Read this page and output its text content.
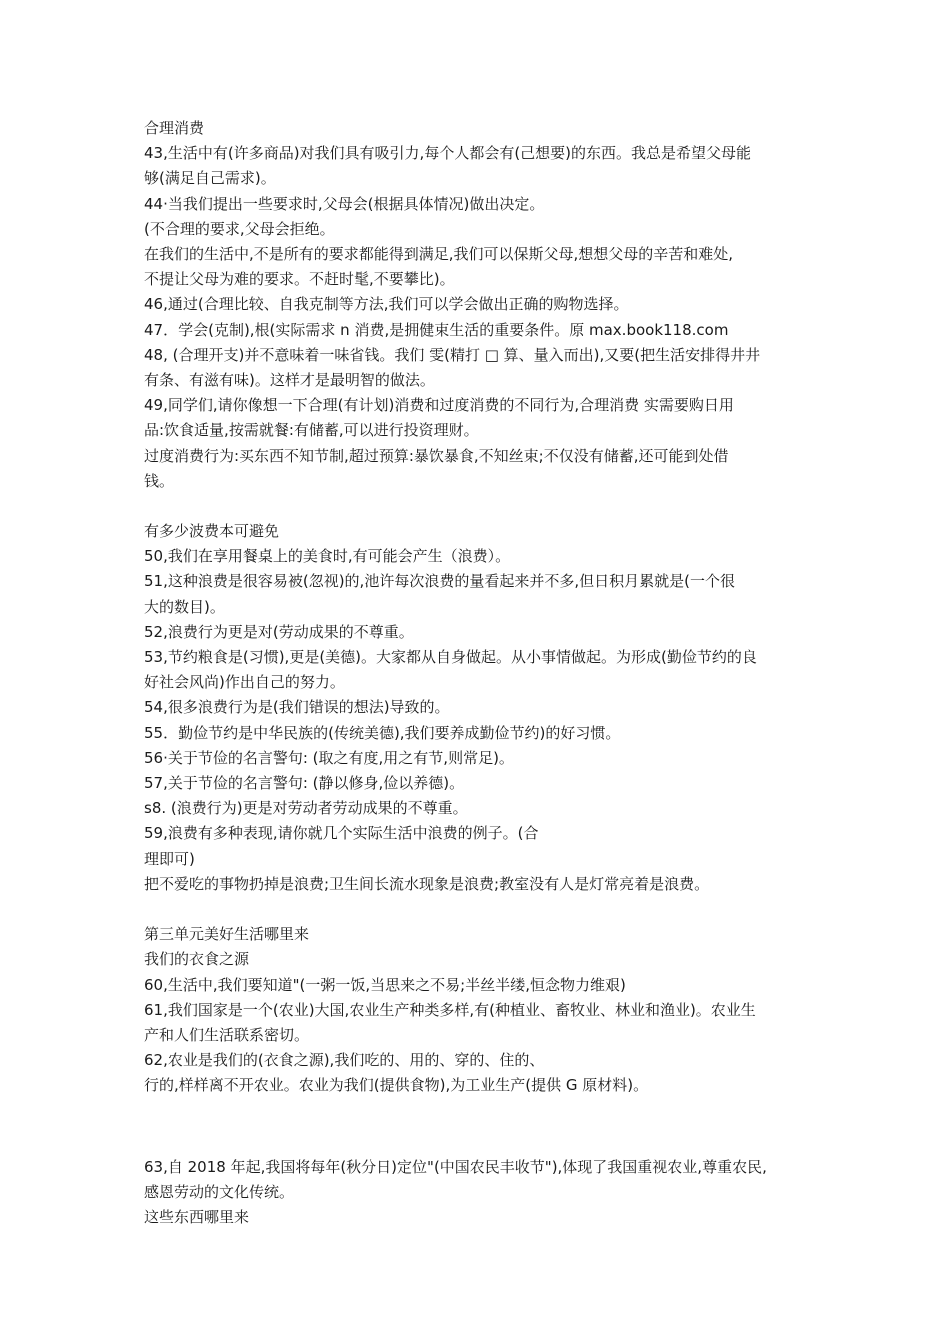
合理消费
43,生活中有(许多商品)对我们具有吸引力,每个人都会有(己想要)的东西。我总是希望父母能
够(满足自己需求)。
44·当我们提出一些要求时,父母会(根据具体情况)做出决定。
(不合理的要求,父母会拒绝。
在我们的生活中,不是所有的要求都能得到满足,我们可以保斯父母,想想父母的辛苦和难处,
不提让父母为难的要求。不赶时髦,不要攀比)。
46,通过(合理比较、自我克制等方法,我们可以学会做出正确的购物选择。
47．学会(克制),根(实际需求 n 消费,是拥健束生活的重要条件。原 max.book118.com
48, (合理开支)并不意味着一味省钱。我们 雯(精打 □ 算、量入而出),又要(把生活安排得井井
有条、有滋有味)。这样才是最明智的做法。
49,同学们,请你像想一下合理(有计划)消费和过度消费的不同行为,合理消费 实需要购日用
品:饮食适量,按需就餐:有储蓄,可以进行投资理财。
过度消费行为:买东西不知节制,超过预算:暴饮暴食,不知丝束;不仅没有储蓄,还可能到处借
钱。
有多少波费本可避免
50,我们在享用餐桌上的美食时,有可能会产生（浪费）。
51,这种浪费是很容易被(忽视)的,池许每次浪费的量看起来并不多,但日积月累就是(一个很
大的数目)。
52,浪费行为更是对(劳动成果的不尊重。
53,节约粮食是(习惯),更是(美德)。大家都从自身做起。从小事情做起。为形成(勤俭节约的良
好社会风尚)作出自己的努力。
54,很多浪费行为是(我们错误的想法)导致的。
55．勤俭节约是中华民族的(传统美德),我们要养成勤俭节约)的好习惯。
56·关于节俭的名言警句: (取之有度,用之有节,则常足)。
57,关于节俭的名言警句: (静以修身,俭以养德)。
s8. (浪费行为)更是对劳动者劳动成果的不尊重。
59,浪费有多种表现,请你就几个实际生活中浪费的例子。(合
理即可)
把不爱吃的事物扔掉是浪费;卫生间长流水现象是浪费;教室没有人是灯常亮着是浪费。
第三单元美好生活哪里来
我们的衣食之源
60,生活中,我们要知道"(一粥一饭,当思来之不易;半丝半缕,恒念物力维艰)
61,我们国家是一个(农业)大国,农业生产种类多样,有(种植业、畜牧业、林业和渔业)。农业生
产和人们生活联系密切。
62,农业是我们的(衣食之源),我们吃的、用的、穿的、住的、
行的,样样离不开农业。农业为我们(提供食物),为工业生产(提供 G 原材料)。
63,自 2018 年起,我国将每年(秋分日)定位"(中国农民丰收节"),体现了我国重视农业,尊重农民,
感恩劳动的文化传统。
这些东西哪里来
